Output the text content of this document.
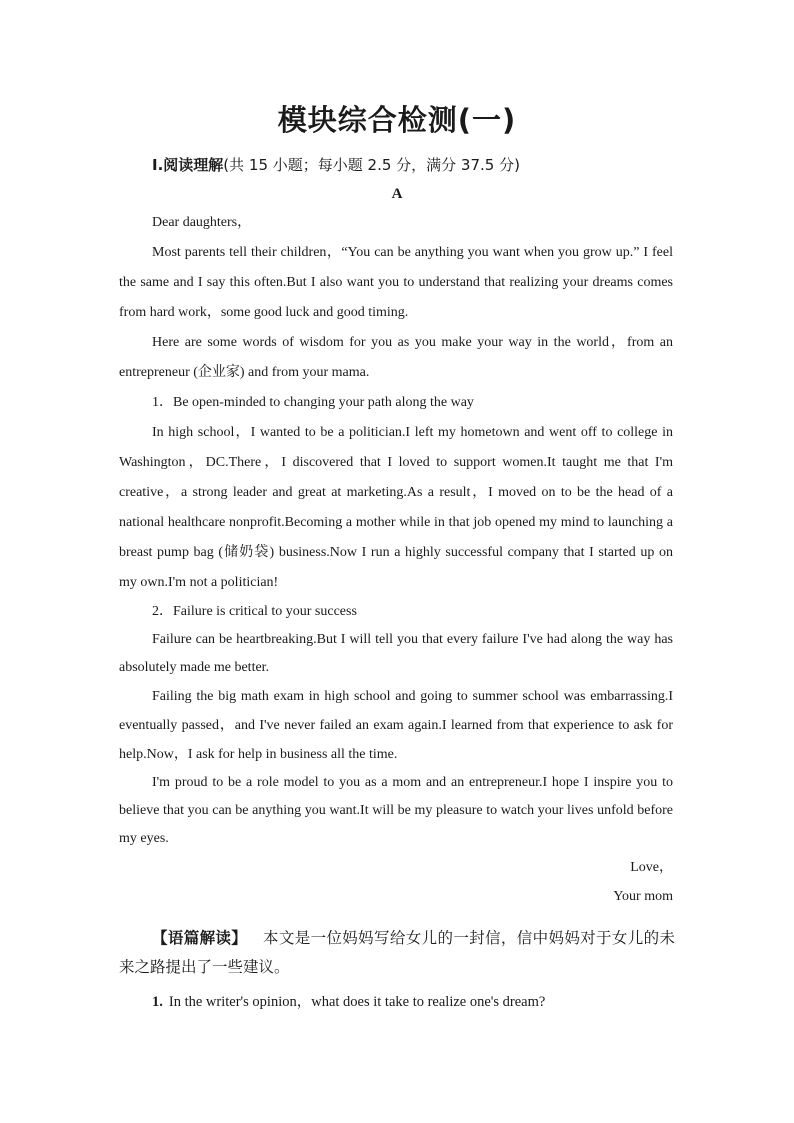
模块综合检测(一)
Ⅰ.阅读理解(共 15 小题；每小题 2.5 分，满分 37.5 分)
A

Dear daughters，

Most parents tell their children，“You can be anything you want when you grow up.” I feel the same and I say this often.But I also want you to understand that realizing your dreams comes from hard work，some good luck and good timing.

Here are some words of wisdom for you as you make your way in the world，from an entrepreneur (企业家) and from your mama.

1．Be open-minded to changing your path along the way

In high school，I wanted to be a politician.I left my hometown and went off to college in Washington，DC.There，I discovered that I loved to support women.It taught me that I'm creative，a strong leader and great at marketing.As a result，I moved on to be the head of a national healthcare nonprofit.Becoming a mother while in that job opened my mind to launching a breast pump bag (储奶袋) business.Now I run a highly successful company that I started up on my own.I'm not a politician!

2．Failure is critical to your success

Failure can be heartbreaking.But I will tell you that every failure I've had along the way has absolutely made me better.

Failing the big math exam in high school and going to summer school was embarrassing.I eventually passed，and I've never failed an exam again.I learned from that experience to ask for help.Now，I ask for help in business all the time.

I'm proud to be a role model to you as a mom and an entrepreneur.I hope I inspire you to believe that you can be anything you want.It will be my pleasure to watch your lives unfold before my eyes.

Love，

Your mom

【语篇解读】 本文是一位妈妈写给女儿的一封信，信中妈妈对于女儿的未来之路提出了一些建议。
1. In the writer's opinion，what does it take to realize one's dream?
